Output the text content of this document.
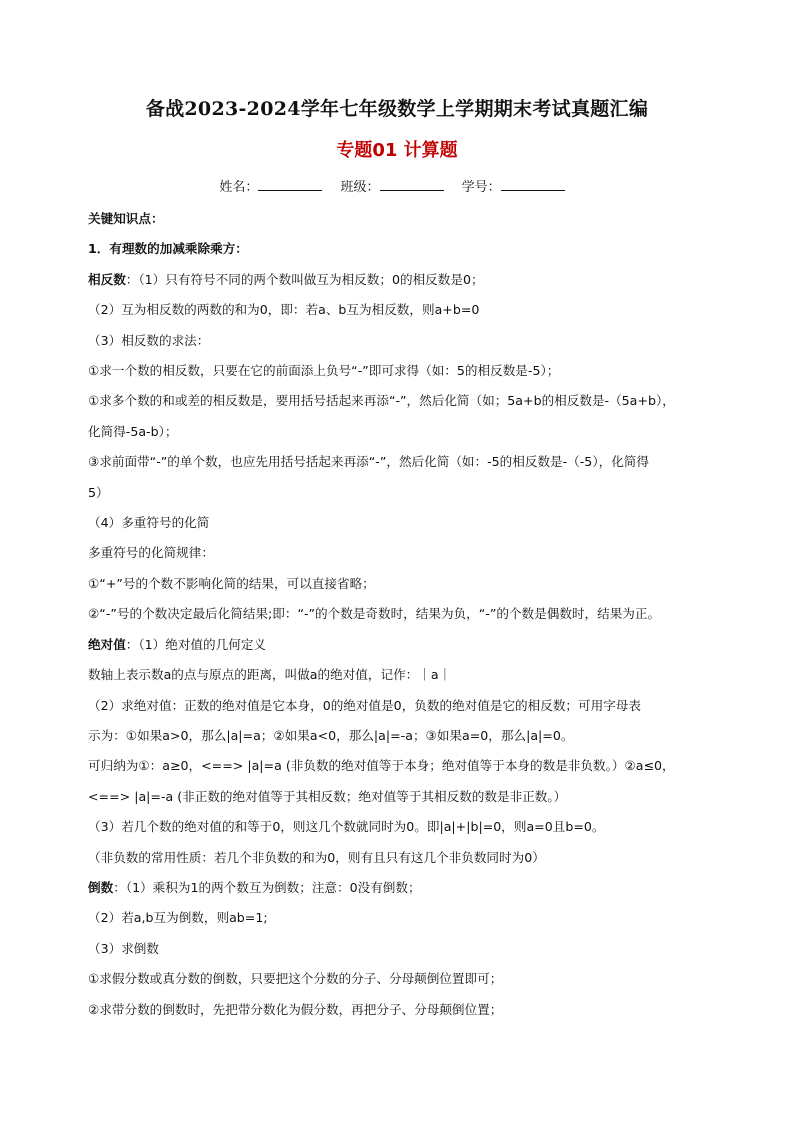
备战2023-2024学年七年级数学上学期期末考试真题汇编
专题01 计算题
姓名：	班级：	学号：
关键知识点：
1．有理数的加减乘除乘方：
相反数：（1）只有符号不同的两个数叫做互为相反数；0的相反数是0；
（2）互为相反数的两数的和为0，即：若a、b互为相反数，则a+b=0
（3）相反数的求法：
①求一个数的相反数，只要在它的前面添上负号“-”即可求得（如：5的相反数是-5）；
①求多个数的和或差的相反数是，要用括号括起来再添“-”，然后化简（如；5a+b的相反数是-（5a+b），
化简得-5a-b）；
③求前面带“-”的单个数，也应先用括号括起来再添“-”，然后化简（如：-5的相反数是-（-5），化简得
5）
（4）多重符号的化简
多重符号的化简规律：
①“+”号的个数不影响化简的结果，可以直接省略；
②“-”号的个数决定最后化简结果;即：“-”的个数是奇数时，结果为负，“-”的个数是偶数时，结果为正。
绝对值：（1）绝对值的几何定义
数轴上表示数a的点与原点的距离，叫做a的绝对值，记作：｜a｜
（2）求绝对值：正数的绝对值是它本身，0的绝对值是0，负数的绝对值是它的相反数；可用字母表
示为：①如果a>0，那么|a|=a；②如果a<0，那么|a|=-a；③如果a=0，那么|a|=0。
可归纳为①：a≥0，<==> |a|=a (非负数的绝对值等于本身；绝对值等于本身的数是非负数。）②a≤0，
<==> |a|=-a (非正数的绝对值等于其相反数；绝对值等于其相反数的数是非正数。）
（3）若几个数的绝对值的和等于0，则这几个数就同时为0。即|a|+|b|=0，则a=0且b=0。
（非负数的常用性质：若几个非负数的和为0，则有且只有这几个非负数同时为0）
倒数：（1）乘积为1的两个数互为倒数；注意：0没有倒数；
（2）若a,b互为倒数，则ab=1;
（3）求倒数
①求假分数或真分数的倒数，只要把这个分数的分子、分母颠倒位置即可；
②求带分数的倒数时，先把带分数化为假分数，再把分子、分母颠倒位置；
